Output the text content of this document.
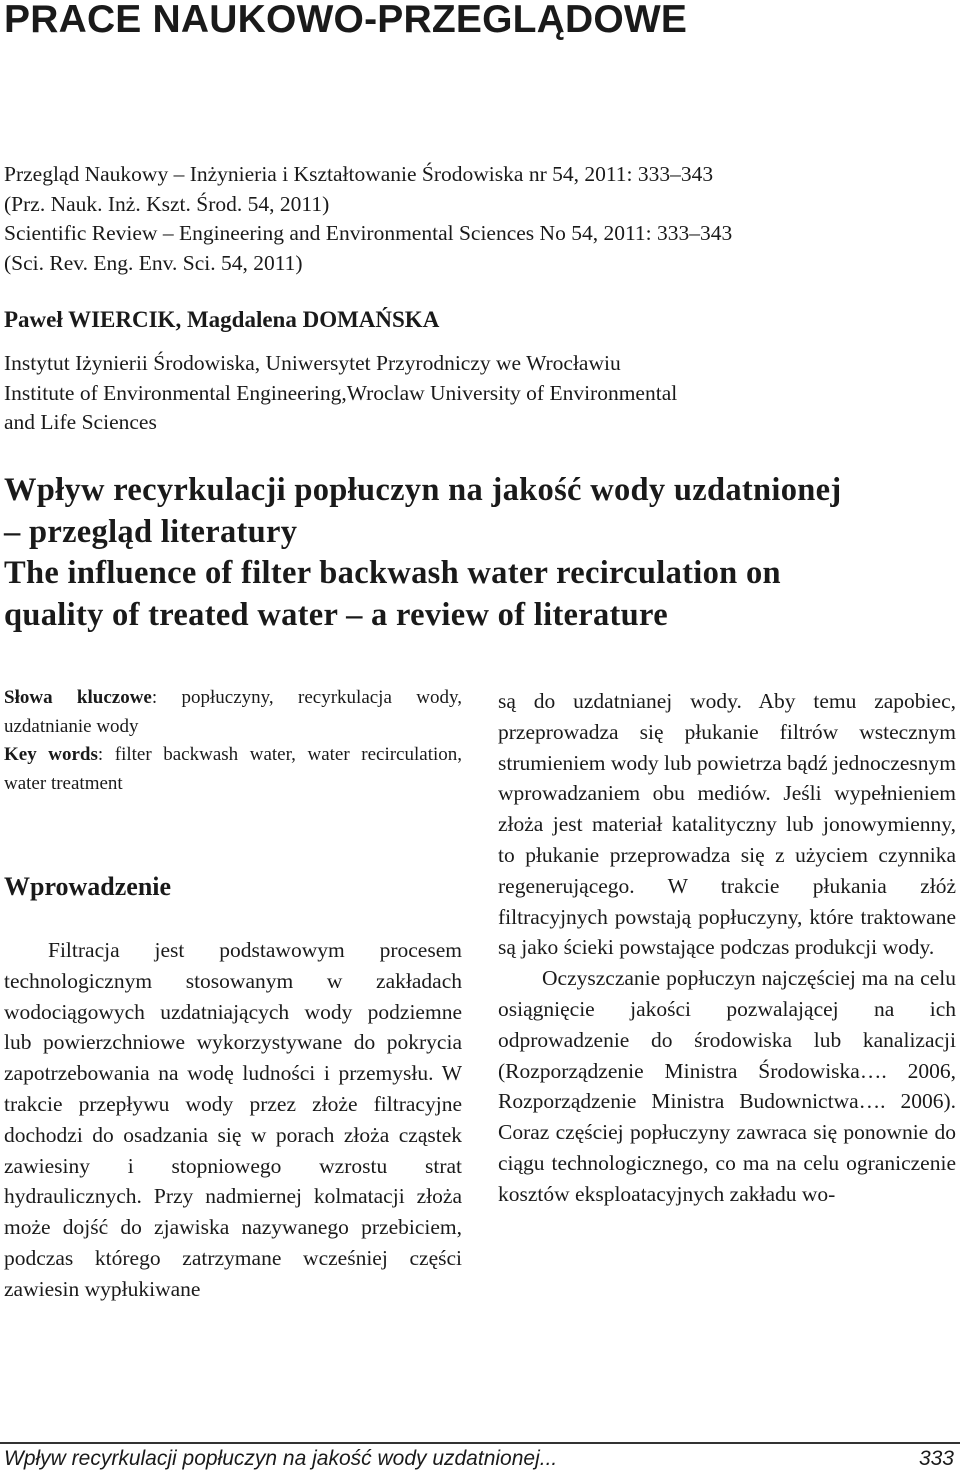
PRACE NAUKOWO-PRZEGLĄDOWE
Przegląd Naukowy – Inżynieria i Kształtowanie Środowiska nr 54, 2011: 333–343
(Prz. Nauk. Inż. Kszt. Środ. 54, 2011)
Scientific Review – Engineering and Environmental Sciences No 54, 2011: 333–343
(Sci. Rev. Eng. Env. Sci. 54, 2011)
Paweł WIERCIK, Magdalena DOMAŃSKA
Instytut Iżynierii Środowiska, Uniwersytet Przyrodniczy we Wrocławiu
Institute of Environmental Engineering,Wroclaw University of Environmental
and Life Sciences
Wpływ recyrkulacji popłuczyn na jakość wody uzdatnionej
– przegląd literatury
The influence of filter backwash water recirculation on
quality of treated water – a review of literature

Słowa kluczowe: popłuczyny, recyrkulacja wody, uzdatnianie wody

Key words: filter backwash water, water recirculation, water treatment

Wprowadzenie

Filtracja jest podstawowym procesem technologicznym stosowanym w zakładach wodociągowych uzdatniających wody podziemne lub powierzchniowe wykorzystywane do pokrycia zapotrzebowania na wodę ludności i przemysłu. W trakcie przepływu wody przez złoże filtracyjne dochodzi do osadzania się w porach złoża cząstek zawiesiny i stopniowego wzrostu strat hydraulicznych. Przy nadmiernej kolmatacji złoża może dojść do zjawiska nazywanego przebiciem, podczas którego zatrzymane wcześniej części zawiesin wypłukiwane

są do uzdatnianej wody. Aby temu zapobiec, przeprowadza się płukanie filtrów wstecznym strumieniem wody lub powietrza bądź jednoczesnym wprowadzaniem obu mediów. Jeśli wypełnieniem złoża jest materiał katalityczny lub jonowymienny, to płukanie przeprowadza się z użyciem czynnika regenerującego. W trakcie płukania złóż filtracyjnych powstają popłuczyny, które traktowane są jako ścieki powstające podczas produkcji wody.

Oczyszczanie popłuczyn najczęściej ma na celu osiągnięcie jakości pozwalającej na ich odprowadzenie do środowiska lub kanalizacji (Rozporządzenie Ministra Środowiska…. 2006, Rozporządzenie Ministra Budownictwa…. 2006). Coraz częściej popłuczyny zawraca się ponownie do ciągu technologicznego, co ma na celu ograniczenie kosztów eksploatacyjnych zakładu wo-

Wpływ recyrkulacji popłuczyn na jakość wody uzdatnionej...	333
